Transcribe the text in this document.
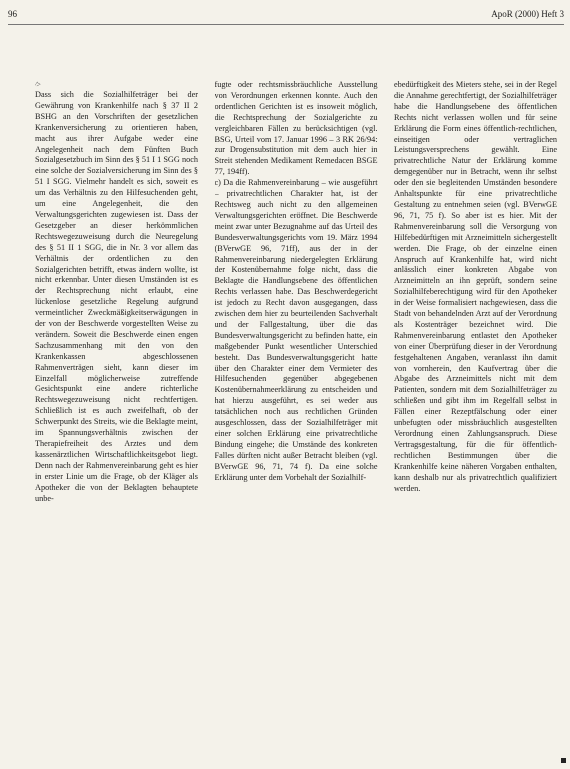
96	ApoR (2000) Heft 3
∕>

Dass sich die Sozialhilfeträger bei der Gewährung von Krankenhilfe nach § 37 II 2 BSHG an den Vorschriften der gesetzlichen Krankenversicherung zu orientieren haben, macht aus ihrer Aufgabe weder eine Angelegenheit nach dem Fünften Buch Sozialgesetzbuch im Sinn des § 51 I 1 SGG noch eine solche der Sozialversicherung im Sinn des § 51 I SGG. Vielmehr handelt es sich, soweit es um das Verhältnis zu den Hilfesuchenden geht, um eine Angelegenheit, die den Verwaltungsgerichten zugewiesen ist. Dass der Gesetzgeber an dieser herkömmlichen Rechtswegezuweisung durch die Neuregelung des § 51 II 1 SGG, die in Nr. 3 vor allem das Verhältnis der ordentlichen zu den Sozialgerichten betrifft, etwas ändern wollte, ist nicht erkennbar. Unter diesen Umständen ist es der Rechtsprechung nicht erlaubt, eine lückenlose gesetzliche Regelung aufgrund vermeintlicher Zweckmäßigkeitserwägungen in der von der Beschwerde vorgestellten Weise zu verändern. Soweit die Beschwerde einen engen Sachzusammenhang mit den von den Krankenkassen abgeschlossenen Rahmenverträgen sieht, kann dieser im Einzelfall möglicherweise zutreffende Gesichtspunkt eine andere richterliche Rechtswegezuweisung nicht rechtfertigen. Schließlich ist es auch zweifelhaft, ob der Schwerpunkt des Streits, wie die Beklagte meint, im Spannungsverhältnis zwischen der Therapiefreiheit des Arztes und dem kassenärztlichen Wirtschaftlichkeitsgebot liegt. Denn nach der Rahmenvereinbarung geht es hier in erster Linie um die Frage, ob der Kläger als Apotheker die von der Beklagten behauptete unbe-

fugte oder rechtsmissbräuchliche Ausstellung von Verordnungen erkennen konnte. Auch den ordentlichen Gerichten ist es insoweit möglich, die Rechtsprechung der Sozialgerichte zu vergleichbaren Fällen zu berücksichtigen (vgl. BSG, Urteil vom 17. Januar 1996 – 3 RK 26/94: zur Drogensubstitution mit dem auch hier in Streit stehenden Medikament Remedacen BSGE 77, 194ff).

c) Da die Rahmenvereinbarung – wie ausgeführt – privatrechtlichen Charakter hat, ist der Rechtsweg auch nicht zu den allgemeinen Verwaltungsgerichten eröffnet. Die Beschwerde meint zwar unter Bezugnahme auf das Urteil des Bundesverwaltungsgerichts vom 19. März 1994 (BVerwGE 96, 71ff), aus der in der Rahmenvereinbarung niedergelegten Erklärung der Kostenübernahme folge nicht, dass die Beklagte die Handlungsebene des öffentlichen Rechts verlassen habe. Das Beschwerdegericht ist jedoch zu Recht davon ausgegangen, dass zwischen dem hier zu beurteilenden Sachverhalt und der Fallgestaltung, über die das Bundesverwaltungsgericht zu befinden hatte, ein maßgebender Punkt wesentlicher Unterschied besteht. Das Bundesverwaltungsgericht hatte über den Charakter einer dem Vermieter des Hilfesuchenden gegenüber abgegebenen Kostenübernahmeerklärung zu entscheiden und hat hierzu ausgeführt, es sei weder aus tatsächlichen noch aus rechtlichen Gründen ausgeschlossen, dass der Sozialhilfeträger mit einer solchen Erklärung eine privatrechtliche Bindung eingehe; die Umstände des konkreten Falles dürften nicht außer Betracht bleiben (vgl. BVerwGE 96, 71, 74 f). Da eine solche Erklärung unter dem Vorbehalt der Sozialhilf-

ebedürftigkeit des Mieters stehe, sei in der Regel die Annahme gerechtfertigt, der Sozialhilfeträger habe die Handlungsebene des öffentlichen Rechts nicht verlassen wollen und für seine Erklärung die Form eines öffentlich-rechtlichen, einseitigen oder vertraglichen Leistungsversprechens gewählt. Eine privatrechtliche Natur der Erklärung komme demgegenüber nur in Betracht, wenn ihr selbst oder den sie begleitenden Umständen besondere Anhaltspunkte für eine privatrechtliche Gestaltung zu entnehmen seien (vgl. BVerwGE 96, 71, 75 f). So aber ist es hier. Mit der Rahmenvereinbarung soll die Versorgung von Hilfebedürftigen mit Arzneimitteln sichergestellt werden. Die Frage, ob der einzelne einen Anspruch auf Krankenhilfe hat, wird nicht anlässlich einer konkreten Abgabe von Arzneimitteln an ihn geprüft, sondern seine Sozialhilfeberechtigung wird für den Apotheker in der Weise formalisiert nachgewiesen, dass die Stadt von behandelnden Arzt auf der Verordnung als Kostenträger bezeichnet wird. Die Rahmenvereinbarung entlastet den Apotheker von einer Überprüfung dieser in der Verordnung festgehaltenen Angaben, veranlasst ihn damit von vornherein, den Kaufvertrag über die Abgabe des Arzneimittels nicht mit dem Patienten, sondern mit dem Sozialhilfeträger zu schließen und gibt ihm im Regelfall selbst in Fällen einer Rezeptfälschung oder einer unbefugten oder missbräuchlich ausgestellten Verordnung einen Zahlungsanspruch. Diese Vertragsgestaltung, für die für öffentlich-rechtlichen Bestimmungen über die Krankenhilfe keine näheren Vorgaben enthalten, kann deshalb nur als privatrechtlich qualifiziert werden.
